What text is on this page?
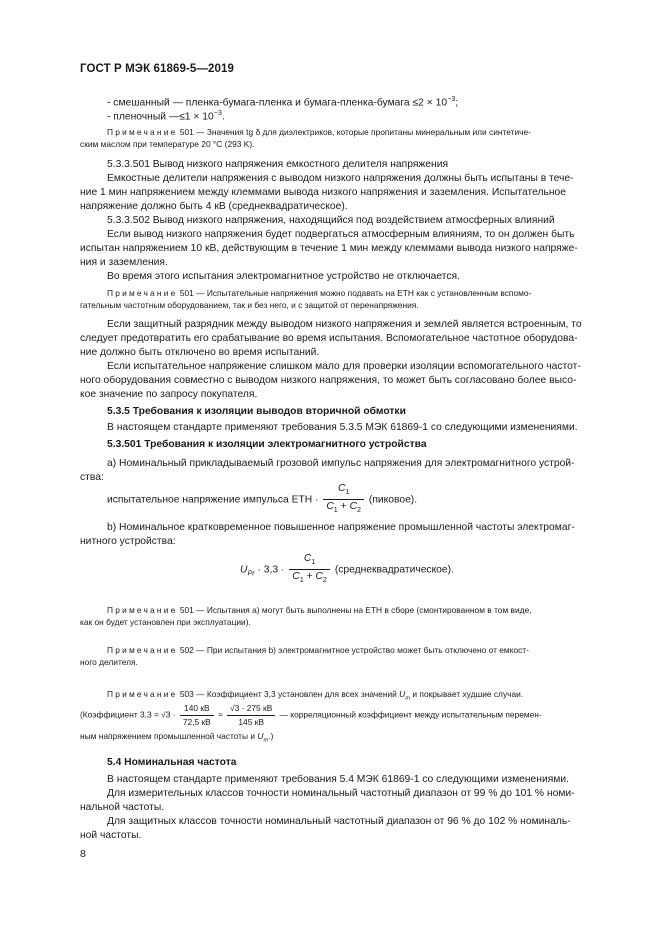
ГОСТ Р МЭК 61869-5—2019
- смешанный — пленка-бумага-пленка и бумага-пленка-бумага $\le 2 \times 10^{-3}$;
- пленочный —≤1 × $10^{-3}$.
Примечание 501 — Значения tg δ для диэлектриков, которые пропитаны минеральным или синтетиче-
ским маслом при температуре 20 °C (293 K).
5.3.3.501 Вывод низкого напряжения емкостного делителя напряжения
Емкостные делители напряжения с выводом низкого напряжения должны быть испытаны в тече-
ние 1 мин напряжением между клеммами вывода низкого напряжения и заземления. Испытательное
напряжение должно быть 4 кВ (среднеквадратическое).
5.3.3.502 Вывод низкого напряжения, находящийся под воздействием атмосферных влияний
Если вывод низкого напряжения будет подвергаться атмосферным влияниям, то он должен быть
испытан напряжением 10 кВ, действующим в течение 1 мин между клеммами вывода низкого напряже-
ния и заземления.
Во время этого испытания электромагнитное устройство не отключается.
Примечание 501 — Испытательные напряжения можно подавать на ЕТН как с установленным вспомо-
гательным частотным оборудованием, так и без него, и с защитой от перенапряжения.
Если защитный разрядник между выводом низкого напряжения и землей является встроенным, то
следует предотвратить его срабатывание во время испытания. Вспомогательное частотное оборудова-
ние должно быть отключено во время испытаний.
Если испытательное напряжение слишком мало для проверки изоляции вспомогательного частот-
ного оборудования совместно с выводом низкого напряжения, то может быть согласовано более высо-
кое значение по запросу покупателя.
5.3.5 Требования к изоляции выводов вторичной обмотки
В настоящем стандарте применяют требования 5.3.5 МЭК 61869-1 со следующими изменениями.
5.3.501 Требования к изоляции электромагнитного устройства
a) Номинальный прикладываемый грозовой импульс напряжения для электромагнитного устрой-
ства:
испытательное напряжение импульса ЕТН · $\frac{C_1}{C_1 + C_2}$ (пиковое).
b) Номинальное кратковременное повышенное напряжение промышленной частоты электромаг-
нитного устройства:
$U_{Pr} \cdot 3,3 \cdot \frac{C_1}{C_1 + C_2}$ (среднеквадратическое).
Примечание 501 — Испытания a) могут быть выполнены на ЕТН в сборе (смонтированном в том виде,
как он будет установлен при эксплуатации).
Примечание 502 — При испытания b) электромагнитное устройство может быть отключено от емкост-
ного делителя.
Примечание 503 — Коэффициент 3,3 установлен для всех значений $U_m$ и покрывает худшие случаи.
(Коэффициент $3,3 = √3 \cdot \frac{140 кВ}{72,5 кВ} \approx \frac{√3 \cdot 275 кВ}{145 кВ}$ — корреляционный коэффициент между испытательным перемен-
ным напряжением промышленной частоты и $U_m$.)
5.4 Номинальная частота
В настоящем стандарте применяют требования 5.4 МЭК 61869-1 со следующими изменениями.
Для измерительных классов точности номинальный частотный диапазон от 99 % до 101 % номи-
нальной частоты.
Для защитных классов точности номинальный частотный диапазон от 96 % до 102 % номиналь-
ной частоты.
8
